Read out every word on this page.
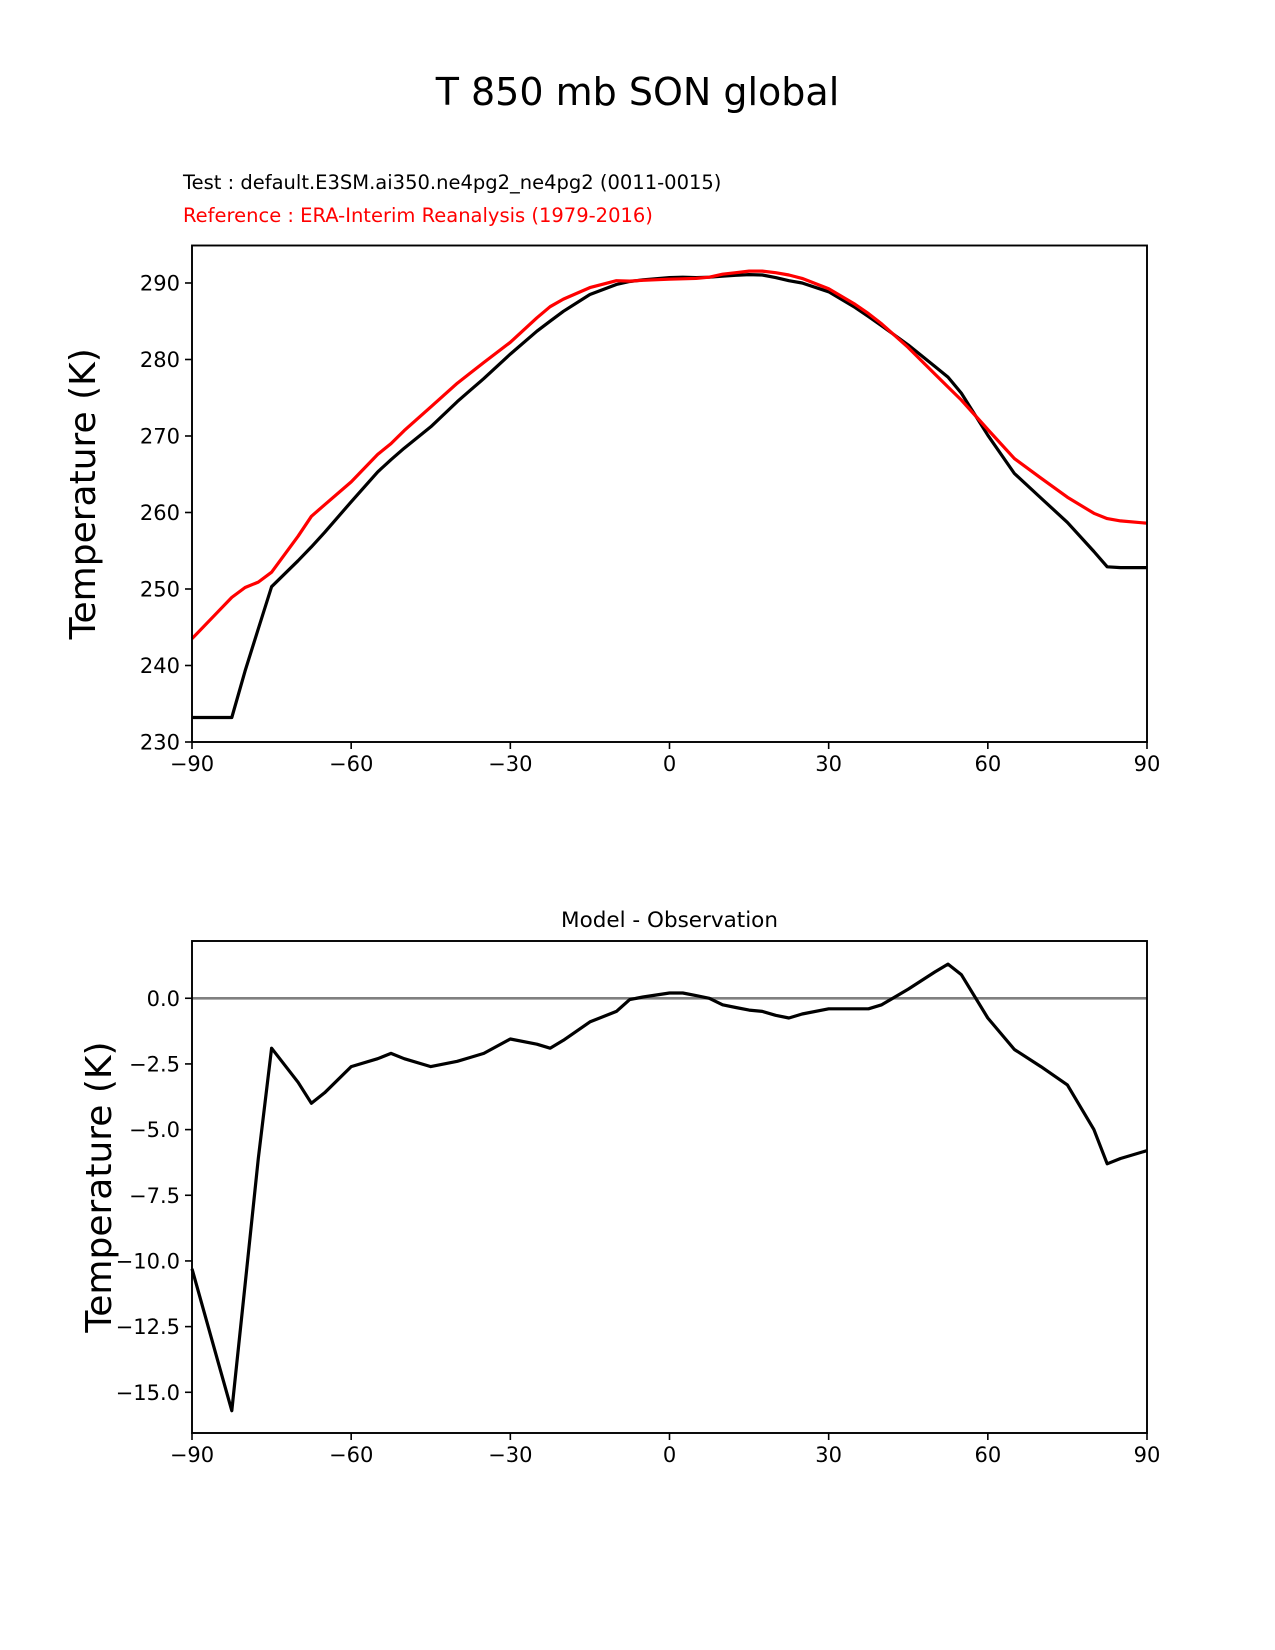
T 850 mb SON global
Test : default.E3SM.ai350.ne4pg2_ne4pg2 (0011-0015)
Reference : ERA-Interim Reanalysis (1979-2016)
−90	−60	−30	0	30	60	90
230
240
250
260
270
280
290
Temperature (K)
−90	−60	−30	0	30	60	90
0.0
−2.5
−5.0
−7.5
−10.0
−12.5
−15.0
Temperature (K)
Model - Observation
